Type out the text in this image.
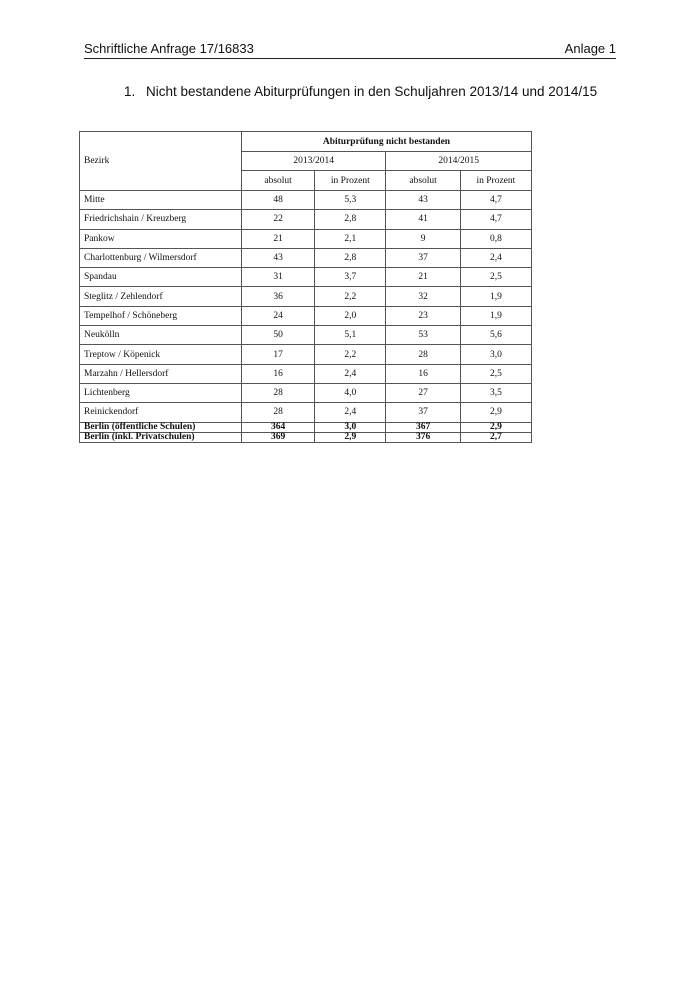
Schriftliche Anfrage 17/16833	Anlage 1
1. Nicht bestandene Abiturprüfungen in den Schuljahren 2013/14 und 2014/15
Bezirk	Abiturprüfung nicht bestanden			
	2013/2014		2014/2015	
	absolut	in Prozent	absolut	in Prozent
Mitte	48	5,3	43	4,7
Friedrichshain / Kreuzberg	22	2,8	41	4,7
Pankow	21	2,1	9	0,8
Charlottenburg / Wilmersdorf	43	2,8	37	2,4
Spandau	31	3,7	21	2,5
Steglitz / Zehlendorf	36	2,2	32	1,9
Tempelhof / Schöneberg	24	2,0	23	1,9
Neukölln	50	5,1	53	5,6
Treptow / Köpenick	17	2,2	28	3,0
Marzahn / Hellersdorf	16	2,4	16	2,5
Lichtenberg	28	4,0	27	3,5
Reinickendorf	28	2,4	37	2,9
Berlin (öffentliche Schulen)	364	3,0	367	2,9
Berlin (inkl. Privatschulen)	369	2,9	376	2,7
